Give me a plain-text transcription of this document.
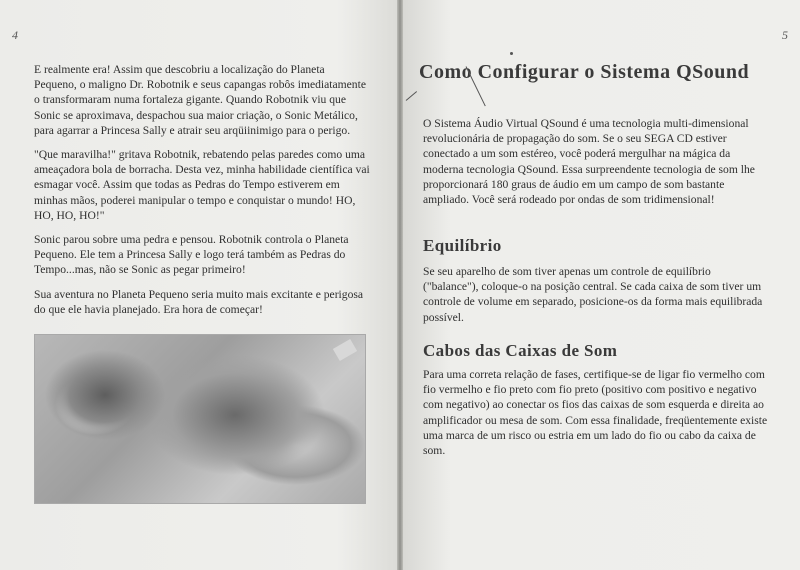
4

E realmente era! Assim que descobriu a localização do Planeta Pequeno, o maligno Dr. Robotnik e seus capangas robôs imediatamente o transformaram numa fortaleza gigante. Quando Robotnik viu que Sonic se aproximava, despachou sua maior criação, o Sonic Metálico, para agarrar a Princesa Sally e atrair seu arqüiinimigo para o perigo.

"Que maravilha!" gritava Robotnik, rebatendo pelas paredes como uma ameaçadora bola de borracha. Desta vez, minha habilidade científica vai esmagar você. Assim que todas as Pedras do Tempo estiverem em minhas mãos, poderei manipular o tempo e conquistar o mundo! HO, HO, HO, HO!"

Sonic parou sobre uma pedra e pensou. Robotnik controla o Planeta Pequeno. Ele tem a Princesa Sally e logo terá também as Pedras do Tempo...mas, não se Sonic as pegar primeiro!

Sua aventura no Planeta Pequeno seria muito mais excitante e perigosa do que ele havia planejado. Era hora de começar!

5
Como Configurar o Sistema QSound
O Sistema Áudio Virtual QSound é uma tecnologia multi-dimensional revolucionária de propagação do som. Se o seu SEGA CD estiver conectado a um som estéreo, você poderá mergulhar na mágica da moderna tecnologia QSound. Essa surpreendente tecnologia de som lhe proporcionará 180 graus de áudio em um campo de som bastante ampliado. Você será rodeado por ondas de som tridimensional!
Equilíbrio
Se seu aparelho de som tiver apenas um controle de equilíbrio ("balance"), coloque-o na posição central. Se cada caixa de som tiver um controle de volume em separado, posicione-os da forma mais equilibrada possível.
Cabos das Caixas de Som
Para uma correta relação de fases, certifique-se de ligar fio vermelho com fio vermelho e fio preto com fio preto (positivo com positivo e negativo com negativo) ao conectar os fios das caixas de som esquerda e direita ao amplificador ou mesa de som. Com essa finalidade, freqüentemente existe uma marca de um risco ou estria em um lado do fio ou cabo da caixa de som.
